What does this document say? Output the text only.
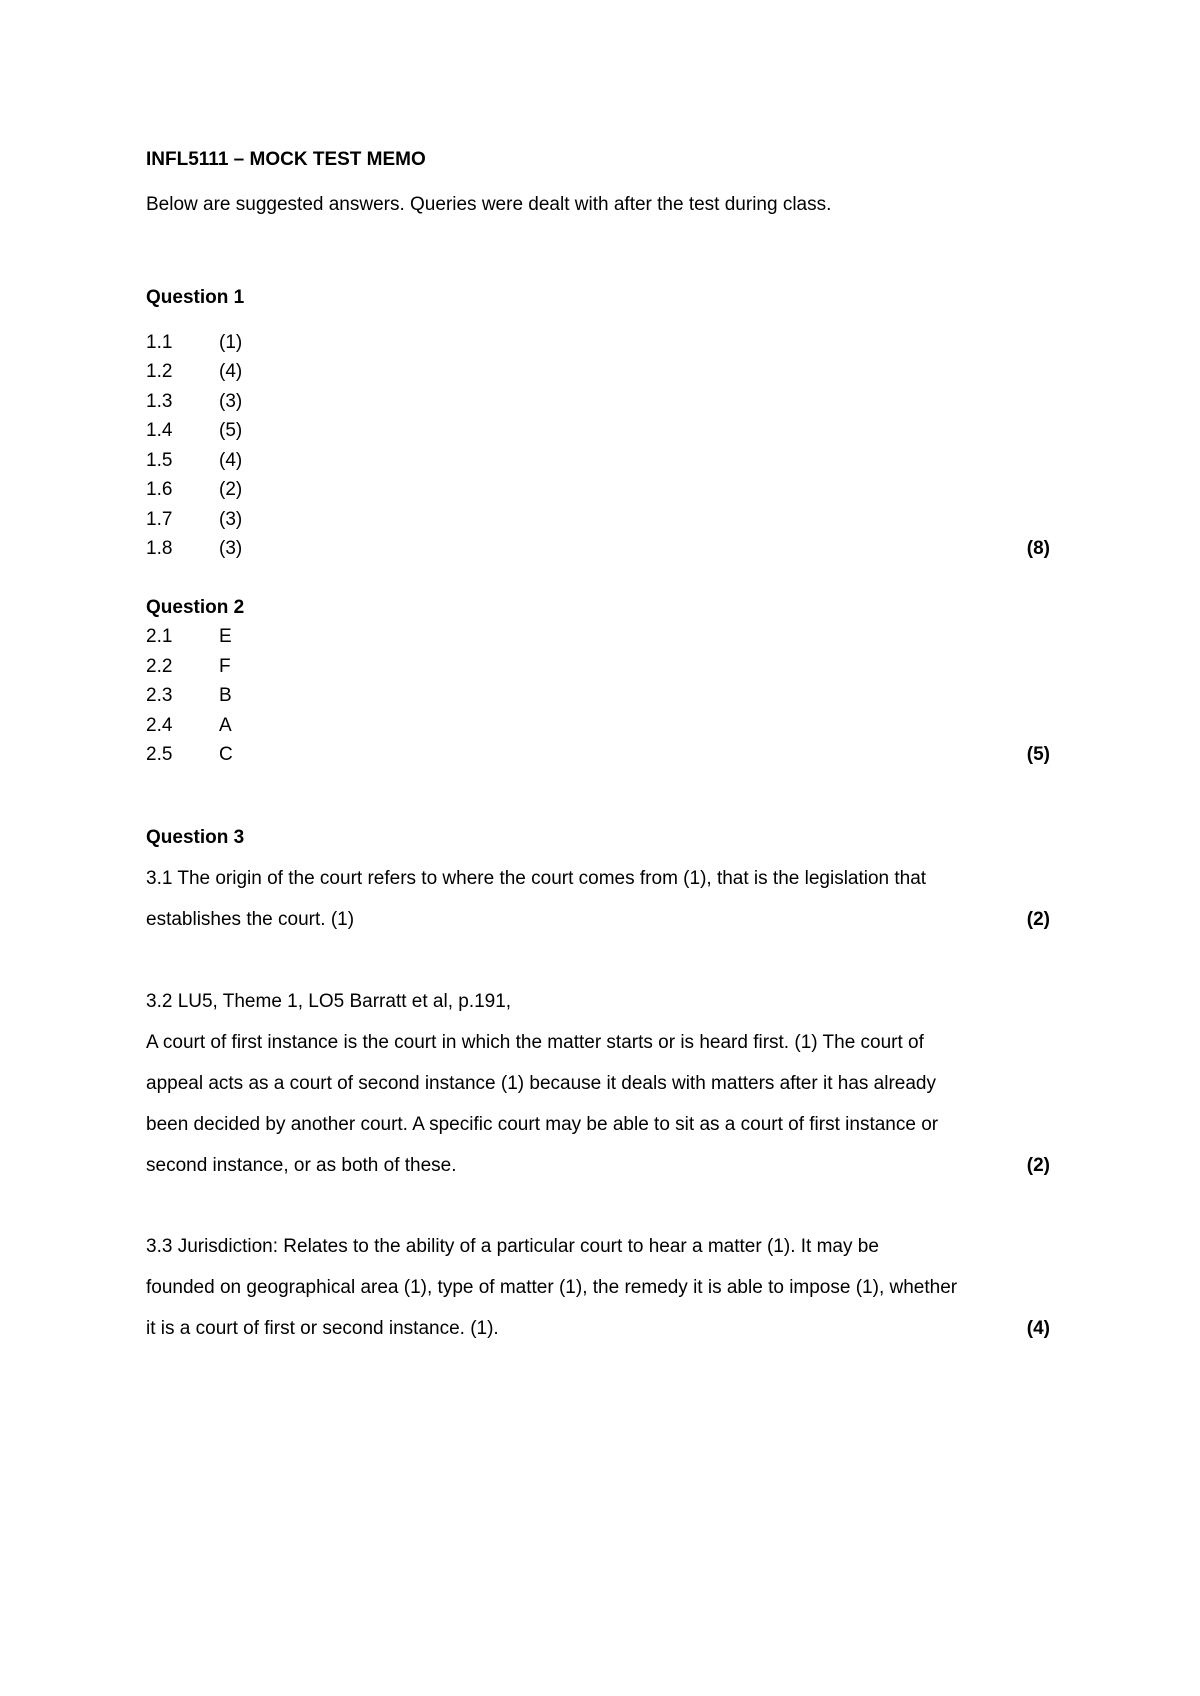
INFL5111 – MOCK TEST MEMO
Below are suggested answers. Queries were dealt with after the test during class.
Question 1
1.1 (1)
1.2 (4)
1.3 (3)
1.4 (5)
1.5 (4)
1.6 (2)
1.7 (3)
1.8 (3)	(8)
Question 2
2.1 E
2.2 F
2.3 B
2.4 A
2.5 C	(5)
Question 3
3.1 The origin of the court refers to where the court comes from (1), that is the legislation that
establishes the court. (1)	(2)
3.2 LU5, Theme 1, LO5 Barratt et al, p.191,
A court of first instance is the court in which the matter starts or is heard first. (1) The court of
appeal acts as a court of second instance (1) because it deals with matters after it has already
been decided by another court. A specific court may be able to sit as a court of first instance or
second instance, or as both of these.	(2)
3.3 Jurisdiction: Relates to the ability of a particular court to hear a matter (1). It may be
founded on geographical area (1), type of matter (1), the remedy it is able to impose (1), whether
it is a court of first or second instance. (1).	(4)
